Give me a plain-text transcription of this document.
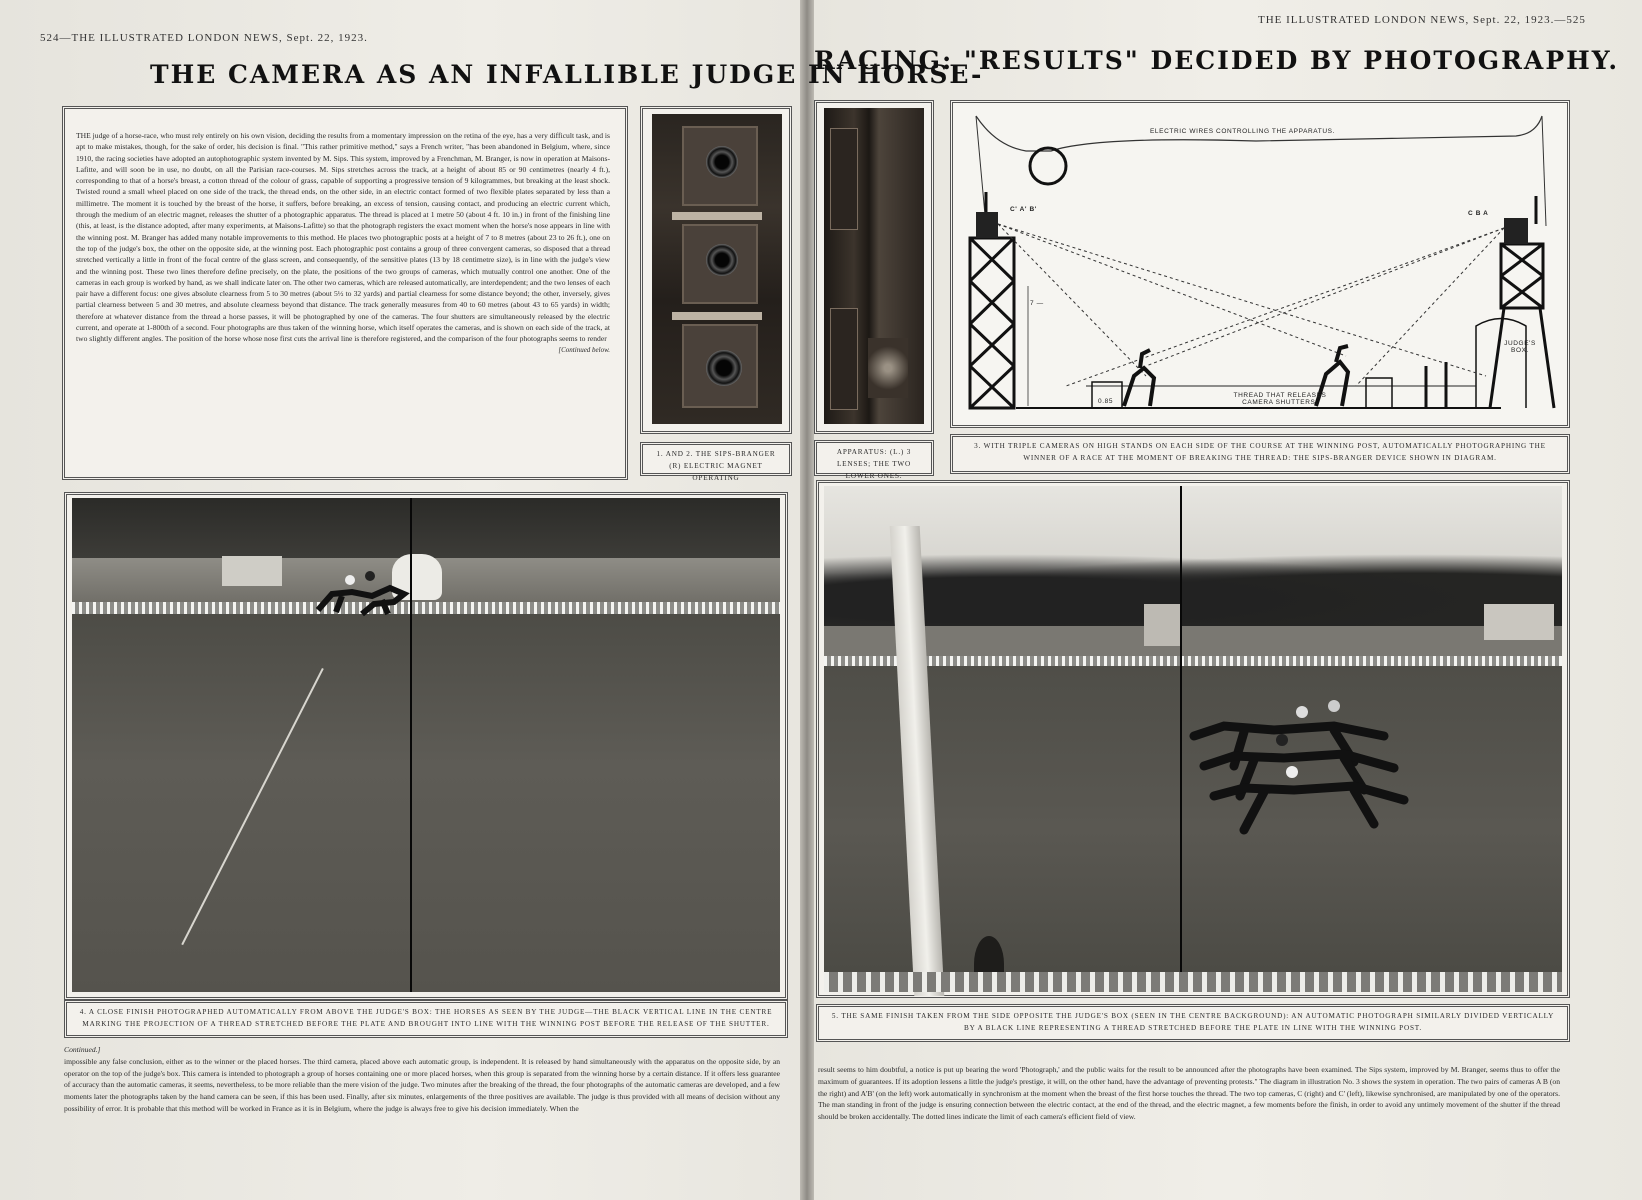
524—THE ILLUSTRATED LONDON NEWS, Sept. 22, 1923.
THE ILLUSTRATED LONDON NEWS, Sept. 22, 1923.—525
THE CAMERA AS AN INFALLIBLE JUDGE IN HORSE-
RACING: "RESULTS" DECIDED BY PHOTOGRAPHY.
THE judge of a horse-race, who must rely entirely on his own vision, deciding the results from a momentary impression on the retina of the eye, has a very difficult task, and is apt to make mistakes, though, for the sake of order, his decision is final. "This rather primitive method," says a French writer, "has been abandoned in Belgium, where, since 1910, the racing societies have adopted an autophotographic system invented by M. Sips. This system, improved by a Frenchman, M. Branger, is now in operation at Maisons-Lafitte, and will soon be in use, no doubt, on all the Parisian race-courses. M. Sips stretches across the track, at a height of about 85 or 90 centimetres (nearly 4 ft.), corresponding to that of a horse's breast, a cotton thread of the colour of grass, capable of supporting a progressive tension of 9 kilogrammes, but breaking at the least shock. Twisted round a small wheel placed on one side of the track, the thread ends, on the other side, in an electric contact formed of two flexible plates separated by less than a millimetre. The moment it is touched by the breast of the horse, it suffers, before breaking, an excess of tension, causing contact, and producing an electric current which, through the medium of an electric magnet, releases the shutter of a photographic apparatus. The thread is placed at 1 metre 50 (about 4 ft. 10 in.) in front of the finishing line (this, at least, is the distance adopted, after many experiments, at Maisons-Lafitte) so that the photograph registers the exact moment when the horse's nose appears in line with the winning post. M. Branger has added many notable improvements to this method. He places two photographic posts at a height of 7 to 8 metres (about 23 to 26 ft.), one on the top of the judge's box, the other on the opposite side, at the winning post. Each photographic post contains a group of three convergent cameras, so disposed that a thread stretched vertically a little in front of the focal centre of the glass screen, and consequently, of the sensitive plates (13 by 18 centimetre size), is in line with the judge's view and the winning post. These two lines therefore define precisely, on the plate, the positions of the two groups of cameras, which mutually control one another. One of the cameras in each group is worked by hand, as we shall indicate later on. The other two cameras, which are released automatically, are interdependent; and the two lenses of each pair have a different focus: one gives absolute clearness from 5 to 30 metres (about 5½ to 32 yards) and partial clearness for some distance beyond; the other, inversely, gives partial clearness between 5 and 30 metres, and absolute clearness beyond that distance. The track generally measures from 40 to 60 metres (about 43 to 65 yards) in width; therefore at whatever distance from the thread a horse passes, it will be photographed by one of the cameras. The four shutters are simultaneously released by the electric current, and operate at 1-800th of a second. Four photographs are thus taken of the winning horse, which itself operates the cameras, and is shown on each side of the track, at two slightly different angles. The position of the horse whose nose first cuts the arrival line is therefore registered, and the comparison of the four photographs seems to render
[Continued below.
1. AND 2. THE SIPS-BRANGER (R) ELECTRIC MAGNET OPERATING
APPARATUS: (L.) 3 LENSES; THE TWO LOWER ONES.
ELECTRIC WIRES CONTROLLING THE APPARATUS.
THREAD THAT RELEASES CAMERA SHUTTERS.
JUDGE'S BOX.
7 —
0.85
C' A' B'
C B A
3. WITH TRIPLE CAMERAS ON HIGH STANDS ON EACH SIDE OF THE COURSE AT THE WINNING POST, AUTOMATICALLY PHOTOGRAPHING THE WINNER OF A RACE AT THE MOMENT OF BREAKING THE THREAD: THE SIPS-BRANGER DEVICE SHOWN IN DIAGRAM.
4. A CLOSE FINISH PHOTOGRAPHED AUTOMATICALLY FROM ABOVE THE JUDGE'S BOX: THE HORSES AS SEEN BY THE JUDGE—THE BLACK VERTICAL LINE IN THE CENTRE MARKING THE PROJECTION OF A THREAD STRETCHED BEFORE THE PLATE AND BROUGHT INTO LINE WITH THE WINNING POST BEFORE THE RELEASE OF THE SHUTTER.
5. THE SAME FINISH TAKEN FROM THE SIDE OPPOSITE THE JUDGE'S BOX (SEEN IN THE CENTRE BACKGROUND): AN AUTOMATIC PHOTOGRAPH SIMILARLY DIVIDED VERTICALLY BY A BLACK LINE REPRESENTING A THREAD STRETCHED BEFORE THE PLATE IN LINE WITH THE WINNING POST.
Continued.]
impossible any false conclusion, either as to the winner or the placed horses. The third camera, placed above each automatic group, is independent. It is released by hand simultaneously with the apparatus on the opposite side, by an operator on the top of the judge's box. This camera is intended to photograph a group of horses containing one or more placed horses, when this group is separated from the winning horse by a certain distance. If it offers less guarantee of accuracy than the automatic cameras, it seems, nevertheless, to be more reliable than the mere vision of the judge. Two minutes after the breaking of the thread, the four photographs of the automatic cameras are developed, and a few moments later the photographs taken by the hand camera can be seen, if this has been used. Finally, after six minutes, enlargements of the three positives are available. The judge is thus provided with all means of decision without any possibility of error. It is probable that this method will be worked in France as it is in Belgium, where the judge is always free to give his decision immediately. When the
result seems to him doubtful, a notice is put up bearing the word 'Photograph,' and the public waits for the result to be announced after the photographs have been examined. The Sips system, improved by M. Branger, seems thus to offer the maximum of guarantees. If its adoption lessens a little the judge's prestige, it will, on the other hand, have the advantage of preventing protests." The diagram in illustration No. 3 shows the system in operation. The two pairs of cameras A B (on the right) and A'B' (on the left) work automatically in synchronism at the moment when the breast of the first horse touches the thread. The two top cameras, C (right) and C' (left), likewise synchronised, are manipulated by one of the operators. The man standing in front of the judge is ensuring connection between the electric contact, at the end of the thread, and the electric magnet, a few moments before the finish, in order to avoid any untimely movement of the shutter if the thread should be broken accidentally. The dotted lines indicate the limit of each camera's efficient field of view.
